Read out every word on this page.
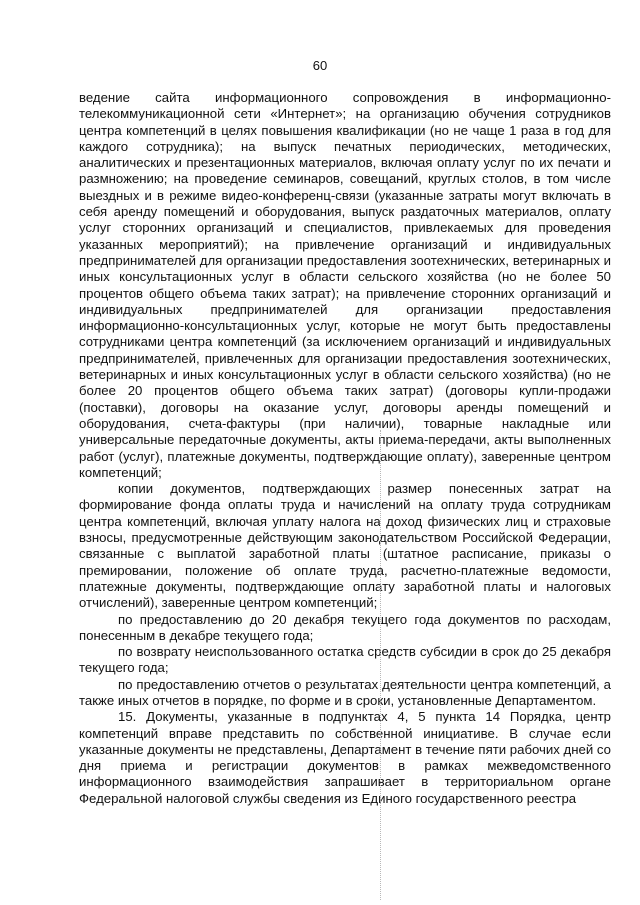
60

ведение сайта информационного сопровождения в информационно-телекоммуникационной сети «Интернет»; на организацию обучения сотрудников центра компетенций в целях повышения квалификации (но не чаще 1 раза в год для каждого сотрудника); на выпуск печатных периодических, методических, аналитических и презентационных материалов, включая оплату услуг по их печати и размножению; на проведение семинаров, совещаний, круглых столов, в том числе выездных и в режиме видео-конференц-связи (указанные затраты могут включать в себя аренду помещений и оборудования, выпуск раздаточных материалов, оплату услуг сторонних организаций и специалистов, привлекаемых для проведения указанных мероприятий); на привлечение организаций и индивидуальных предпринимателей для организации предоставления зоотехнических, ветеринарных и иных консультационных услуг в области сельского хозяйства (но не более 50 процентов общего объема таких затрат); на привлечение сторонних организаций и индивидуальных предпринимателей для организации предоставления информационно-консультационных услуг, которые не могут быть предоставлены сотрудниками центра компетенций (за исключением организаций и индивидуальных предпринимателей, привлеченных для организации предоставления зоотехнических, ветеринарных и иных консультационных услуг в области сельского хозяйства) (но не более 20 процентов общего объема таких затрат) (договоры купли-продажи (поставки), договоры на оказание услуг, договоры аренды помещений и оборудования, счета-фактуры (при наличии), товарные накладные или универсальные передаточные документы, акты приема-передачи, акты выполненных работ (услуг), платежные документы, подтверждающие оплату), заверенные центром компетенций;

копии документов, подтверждающих размер понесенных затрат на формирование фонда оплаты труда и начислений на оплату труда сотрудникам центра компетенций, включая уплату налога на доход физических лиц и страховые взносы, предусмотренные действующим законодательством Российской Федерации, связанные с выплатой заработной платы (штатное расписание, приказы о премировании, положение об оплате труда, расчетно-платежные ведомости, платежные документы, подтверждающие оплату заработной платы и налоговых отчислений), заверенные центром компетенций;

по предоставлению до 20 декабря текущего года документов по расходам, понесенным в декабре текущего года;

по возврату неиспользованного остатка средств субсидии в срок до 25 декабря текущего года;

по предоставлению отчетов о результатах деятельности центра компетенций, а также иных отчетов в порядке, по форме и в сроки, установленные Департаментом.

15. Документы, указанные в подпунктах 4, 5 пункта 14 Порядка, центр компетенций вправе представить по собственной инициативе. В случае если указанные документы не представлены, Департамент в течение пяти рабочих дней со дня приема и регистрации документов в рамках межведомственного информационного взаимодействия запрашивает в территориальном органе Федеральной налоговой службы сведения из Единого государственного реестра
